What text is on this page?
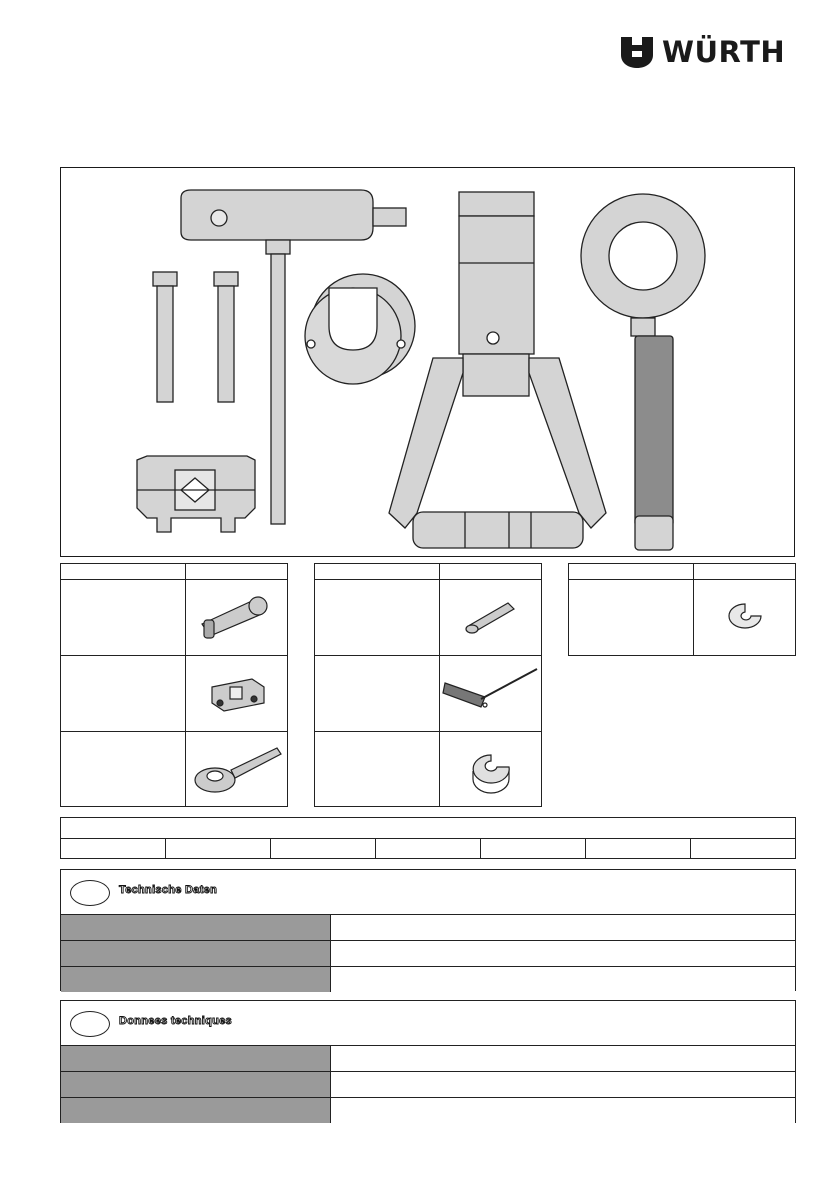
WÜRTH
Technische Daten
Donnees techniques
